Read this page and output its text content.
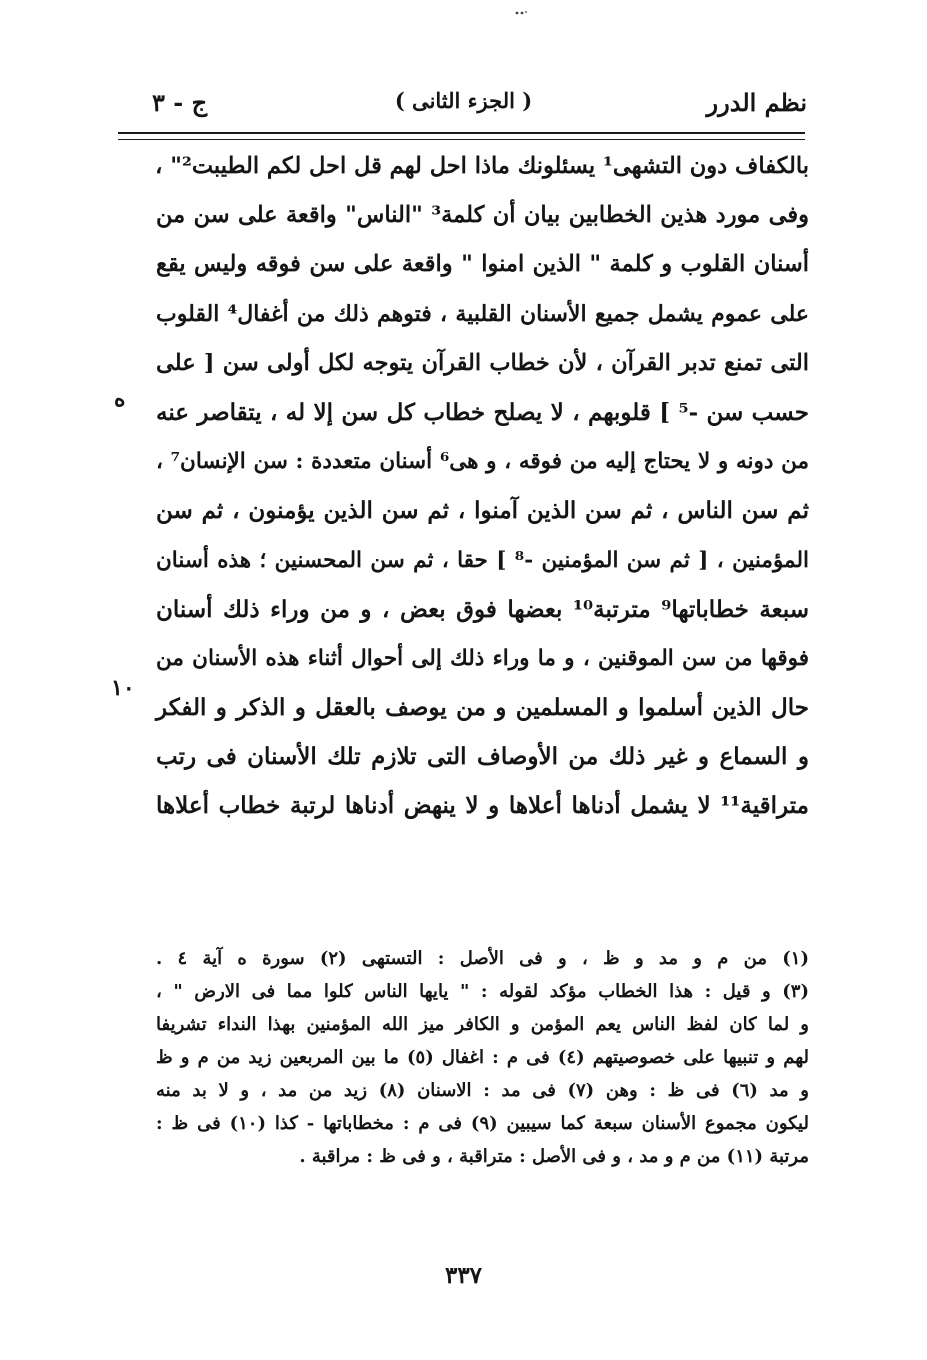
نظم الدرر
( الجزء الثانى )
ج - ٣
بالكفاف دون التشهى¹ يسئلونك ماذا احل لهم قل احل لكم الطيبت²" ،
وفى مورد هذين الخطابين بيان أن كلمة³ "الناس" واقعة على سن من
أسنان القلوب و كلمة " الذين امنوا " واقعة على سن فوقه وليس يقع
على عموم يشمل جميع الأسنان القلبية ، فتوهم ذلك من أغفال⁴ القلوب
التى تمنع تدبر القرآن ، لأن خطاب القرآن يتوجه لكل أولى سن [ على
حسب سن -⁵ ] قلوبهم ، لا يصلح خطاب كل سن إلا له ، يتقاصر عنه
من دونه و لا يحتاج إليه من فوقه ، و هى⁶ أسنان متعددة : سن الإنسان⁷ ،
ثم سن الناس ، ثم سن الذين آمنوا ، ثم سن الذين يؤمنون ، ثم سن
المؤمنين ، [ ثم سن المؤمنين -⁸ ] حقا ، ثم سن المحسنين ؛ هذه أسنان
سبعة خطاباتها⁹ مترتبة¹⁰ بعضها فوق بعض ، و من وراء ذلك أسنان
فوقها من سن الموقنين ، و ما وراء ذلك إلى أحوال أثناء هذه الأسنان من
حال الذين أسلموا و المسلمين و من يوصف بالعقل و الذكر و الفكر
و السماع و غير ذلك من الأوصاف التى تلازم تلك الأسنان فى رتب
متراقية¹¹ لا يشمل أدناها أعلاها و لا ينهض أدناها لرتبة خطاب أعلاها
ه
١٠
(١) من م و مد و ظ ، و فى الأصل : التستهى (٢) سورة ه آية ٤ .
(٣) و قيل : هذا الخطاب مؤكد لقوله : " يايها الناس كلوا مما فى الارض " ،
و لما كان لفظ الناس يعم المؤمن و الكافر ميز الله المؤمنين بهذا النداء تشريفا
لهم و تنبيها على خصوصيتهم (٤) فى م : اغفال (٥) ما بين المربعين زيد من م و ظ
و مد (٦) فى ظ : وهن (٧) فى مد : الاسنان (٨) زيد من مد ، و لا بد منه
ليكون مجموع الأسنان سبعة كما سيبين (٩) فى م : مخطاباتها - كذا (١٠) فى ظ :
مرتبة (١١) من م و مد ، و فى الأصل : متراقبة ، و فى ظ : مراقبة .
٣٣٧
